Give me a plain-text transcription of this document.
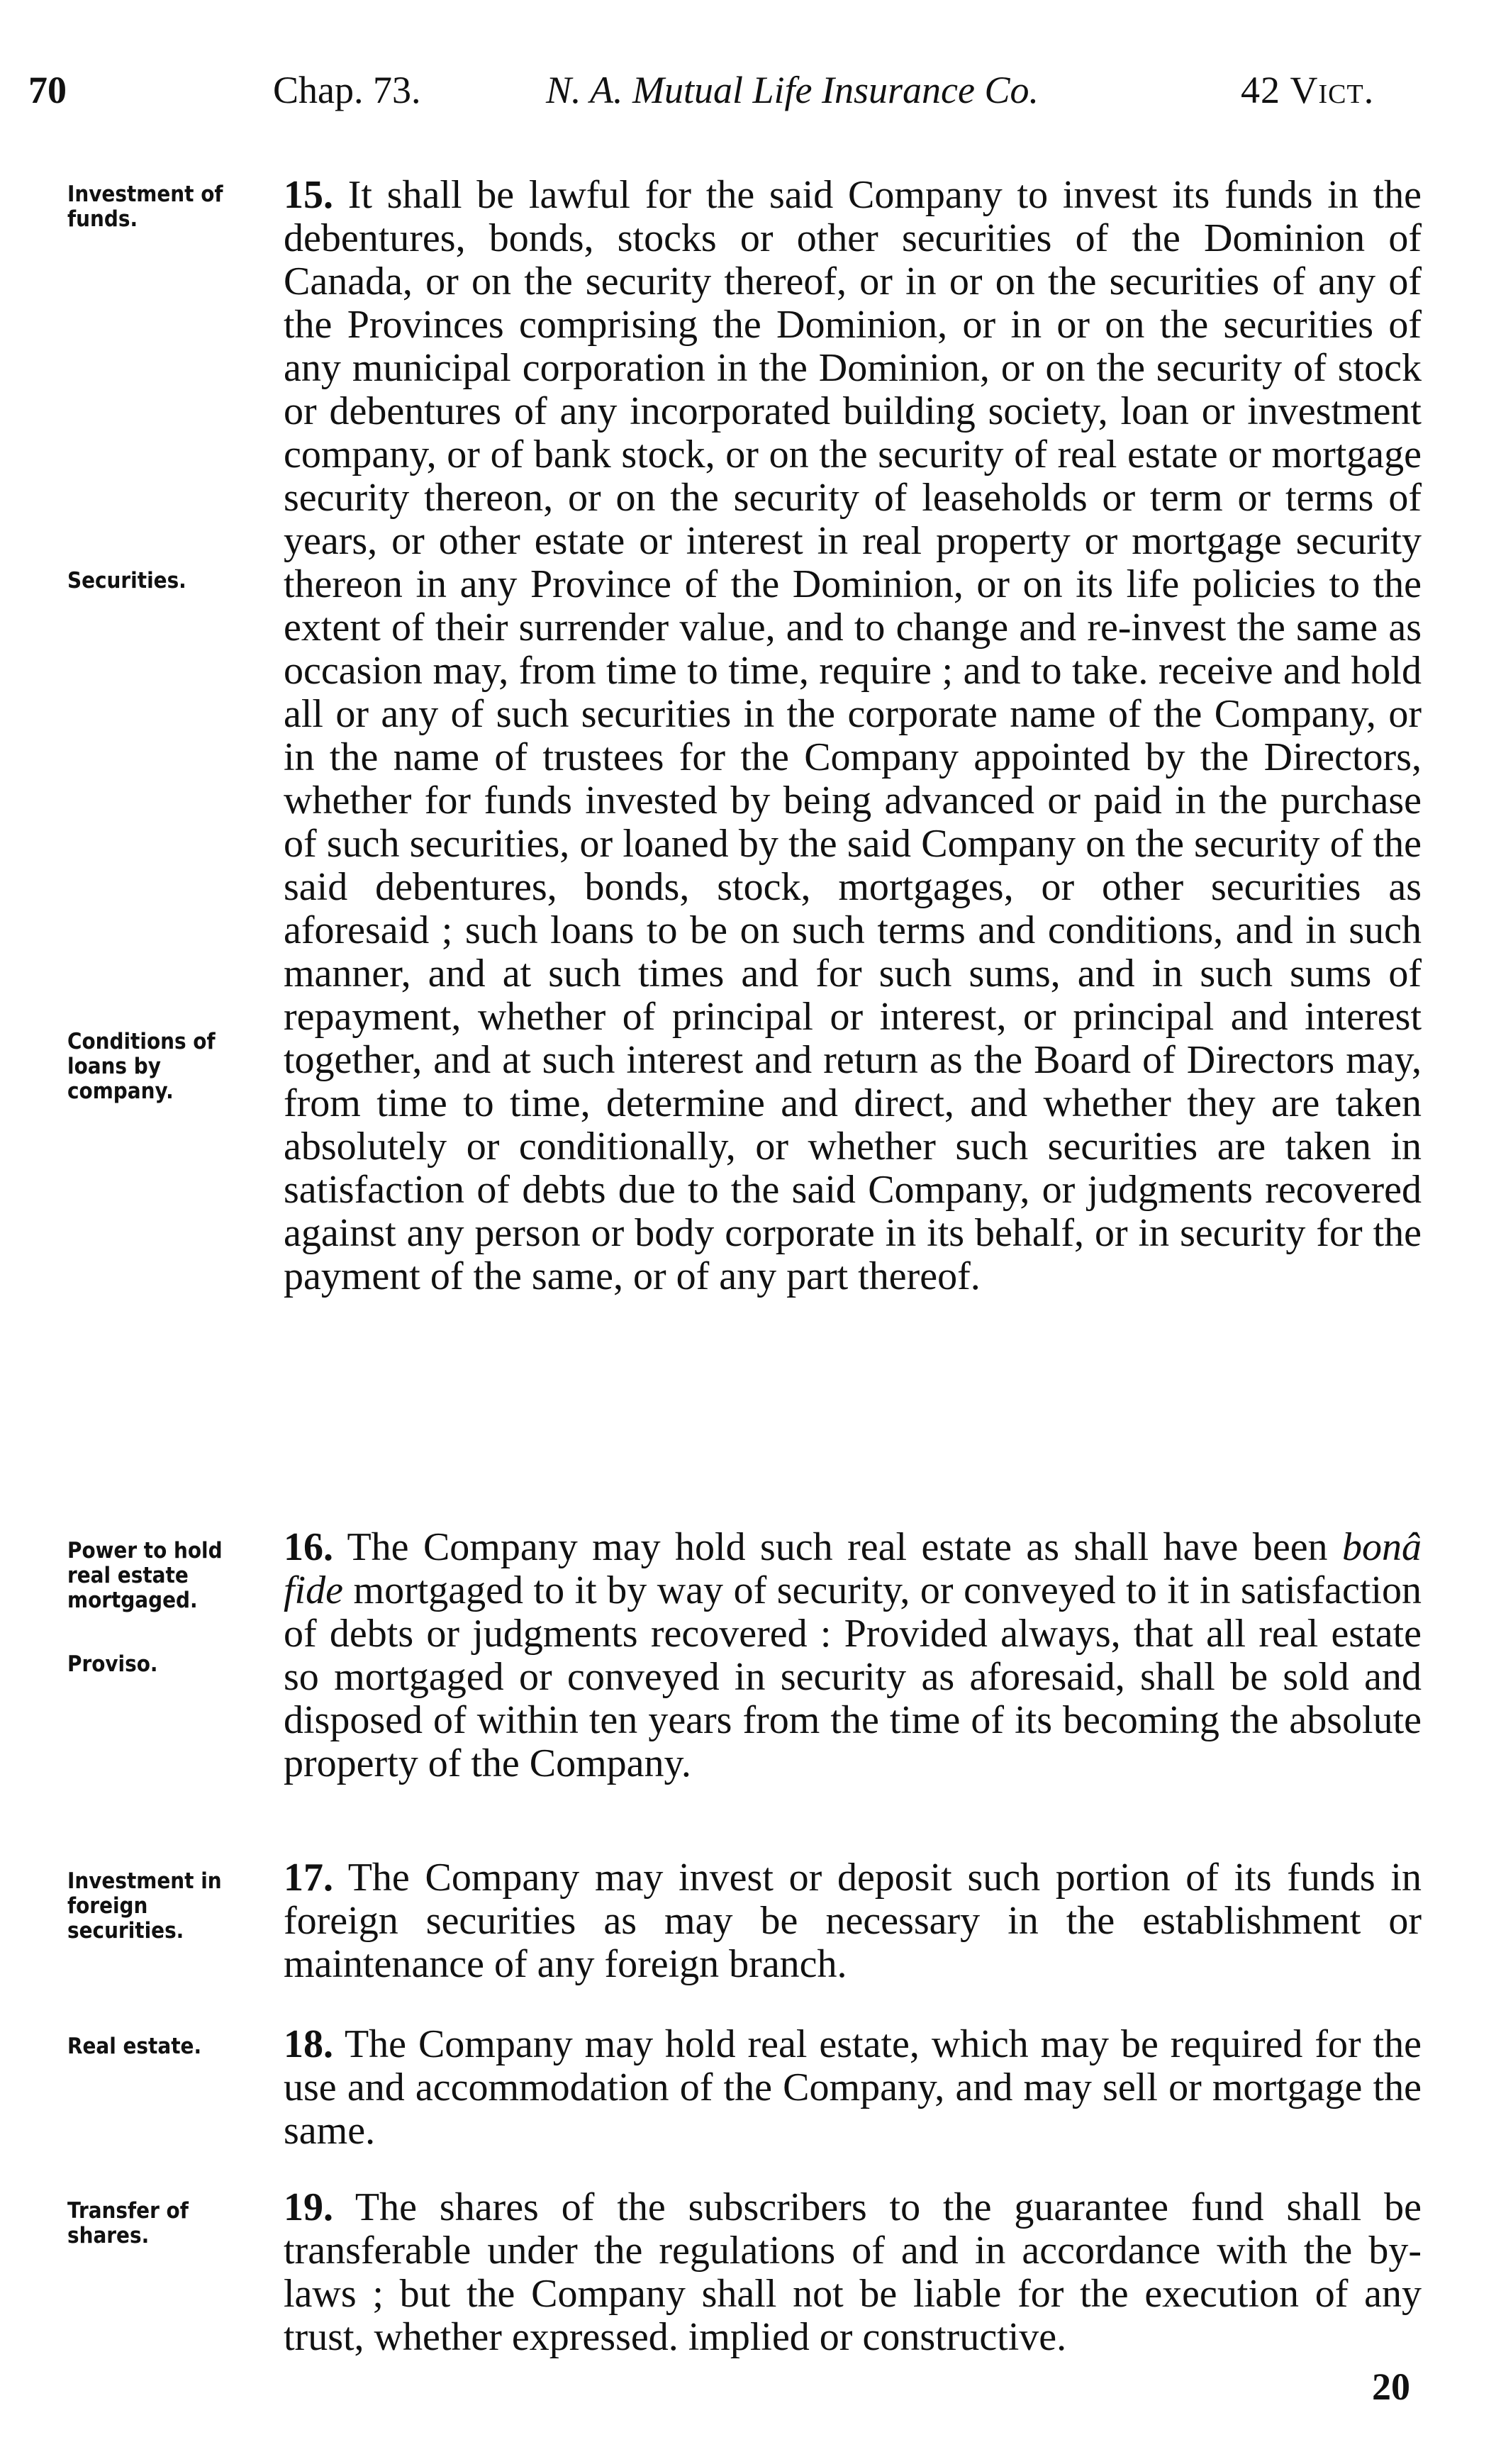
70	Chap. 73.	N. A. Mutual Life Insurance Co.	42 Vict.
Investment of funds.
Securities.
Conditions of loans by company.

15. It shall be lawful for the said Company to invest its funds in the debentures, bonds, stocks or other securities of the Dominion of Canada, or on the security thereof, or in or on the securities of any of the Provinces comprising the Dominion, or in or on the securities of any municipal corporation in the Dominion, or on the security of stock or debentures of any incorporated building society, loan or investment company, or of bank stock, or on the security of real estate or mortgage security thereon, or on the security of leaseholds or term or terms of years, or other estate or interest in real property or mortgage security thereon in any Province of the Dominion, or on its life policies to the extent of their surrender value, and to change and re-invest the same as occasion may, from time to time, require ; and to take. receive and hold all or any of such securities in the corporate name of the Company, or in the name of trustees for the Company appointed by the Directors, whether for funds invested by being advanced or paid in the purchase of such securities, or loaned by the said Company on the security of the said debentures, bonds, stock, mortgages, or other securities as aforesaid ; such loans to be on such terms and conditions, and in such manner, and at such times and for such sums, and in such sums of repayment, whether of principal or interest, or principal and interest together, and at such interest and return as the Board of Directors may, from time to time, determine and direct, and whether they are taken absolutely or conditionally, or whether such securities are taken in satisfaction of debts due to the said Company, or judgments recovered against any person or body corporate in its behalf, or in security for the payment of the same, or of any part thereof.

Power to hold real estate mortgaged.
Proviso.

16. The Company may hold such real estate as shall have been bonâ fide mortgaged to it by way of security, or conveyed to it in satisfaction of debts or judgments recovered : Provided always, that all real estate so mortgaged or conveyed in security as aforesaid, shall be sold and disposed of within ten years from the time of its becoming the absolute property of the Company.

Investment in foreign securities.

17. The Company may invest or deposit such portion of its funds in foreign securities as may be necessary in the establishment or maintenance of any foreign branch.

Real estate.	18. The Company may hold real estate, which may be required for the use and accommodation of the Company, and may sell or mortgage the same.

Transfer of shares.

19. The shares of the subscribers to the guarantee fund shall be transferable under the regulations of and in accordance with the by-laws ; but the Company shall not be liable for the execution of any trust, whether expressed. implied or constructive.

20
